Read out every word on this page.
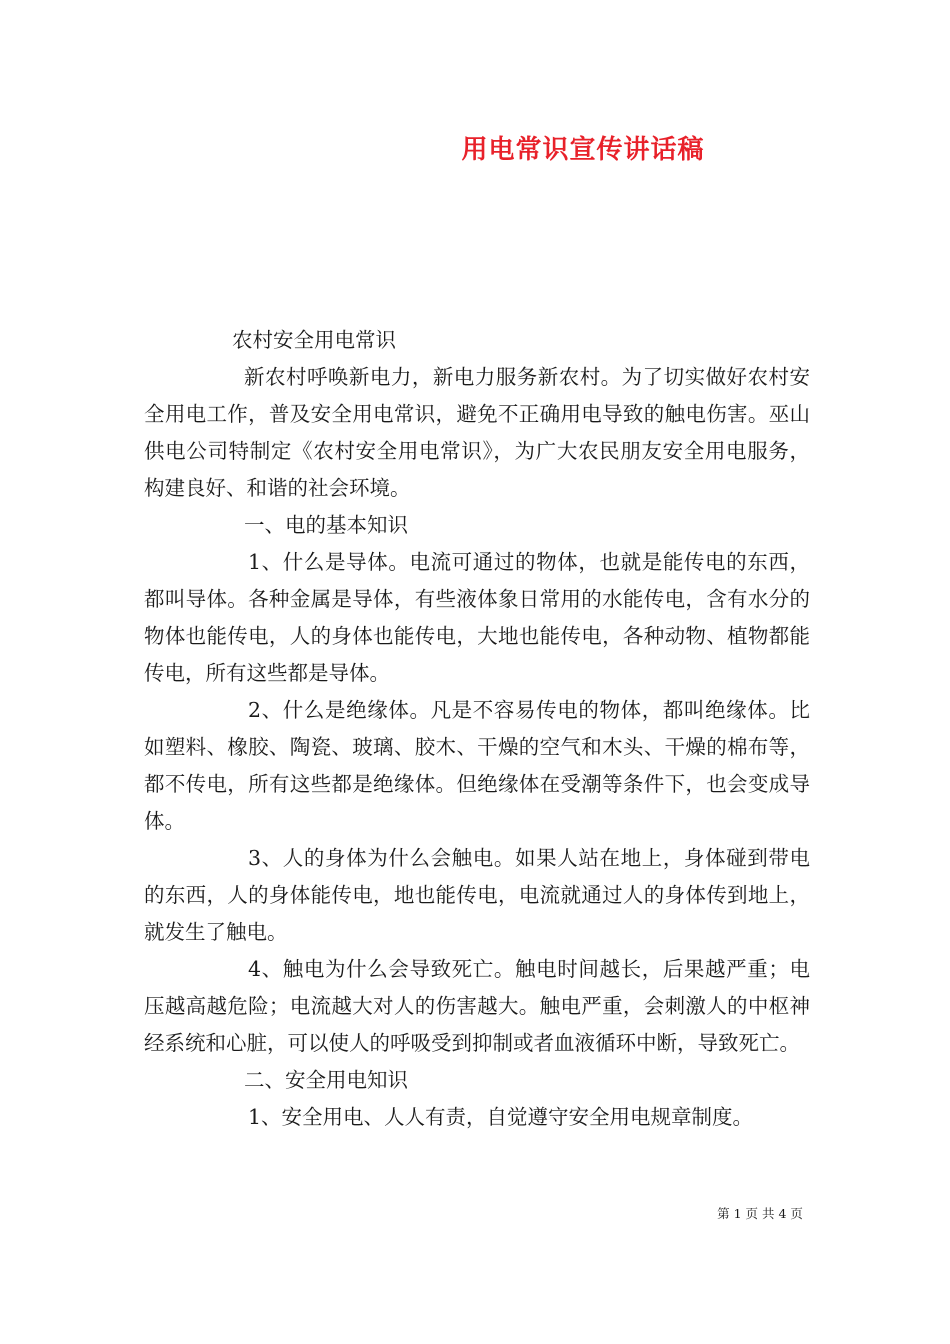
用电常识宣传讲话稿

农村安全用电常识

新农村呼唤新电力，新电力服务新农村。为了切实做好农村安全用电工作，普及安全用电常识，避免不正确用电导致的触电伤害。巫山供电公司特制定《农村安全用电常识》，为广大农民朋友安全用电服务，构建良好、和谐的社会环境。

一、电的基本知识

1、什么是导体。电流可通过的物体，也就是能传电的东西，都叫导体。各种金属是导体，有些液体象日常用的水能传电，含有水分的物体也能传电，人的身体也能传电，大地也能传电，各种动物、植物都能传电，所有这些都是导体。

2、什么是绝缘体。凡是不容易传电的物体，都叫绝缘体。比如塑料、橡胶、陶瓷、玻璃、胶木、干燥的空气和木头、干燥的棉布等，都不传电，所有这些都是绝缘体。但绝缘体在受潮等条件下，也会变成导体。

3、人的身体为什么会触电。如果人站在地上，身体碰到带电的东西，人的身体能传电，地也能传电，电流就通过人的身体传到地上，就发生了触电。

4、触电为什么会导致死亡。触电时间越长，后果越严重；电压越高越危险；电流越大对人的伤害越大。触电严重，会刺激人的中枢神经系统和心脏，可以使人的呼吸受到抑制或者血液循环中断，导致死亡。

二、安全用电知识

1、安全用电、人人有责，自觉遵守安全用电规章制度。

第 1 页 共 4 页
